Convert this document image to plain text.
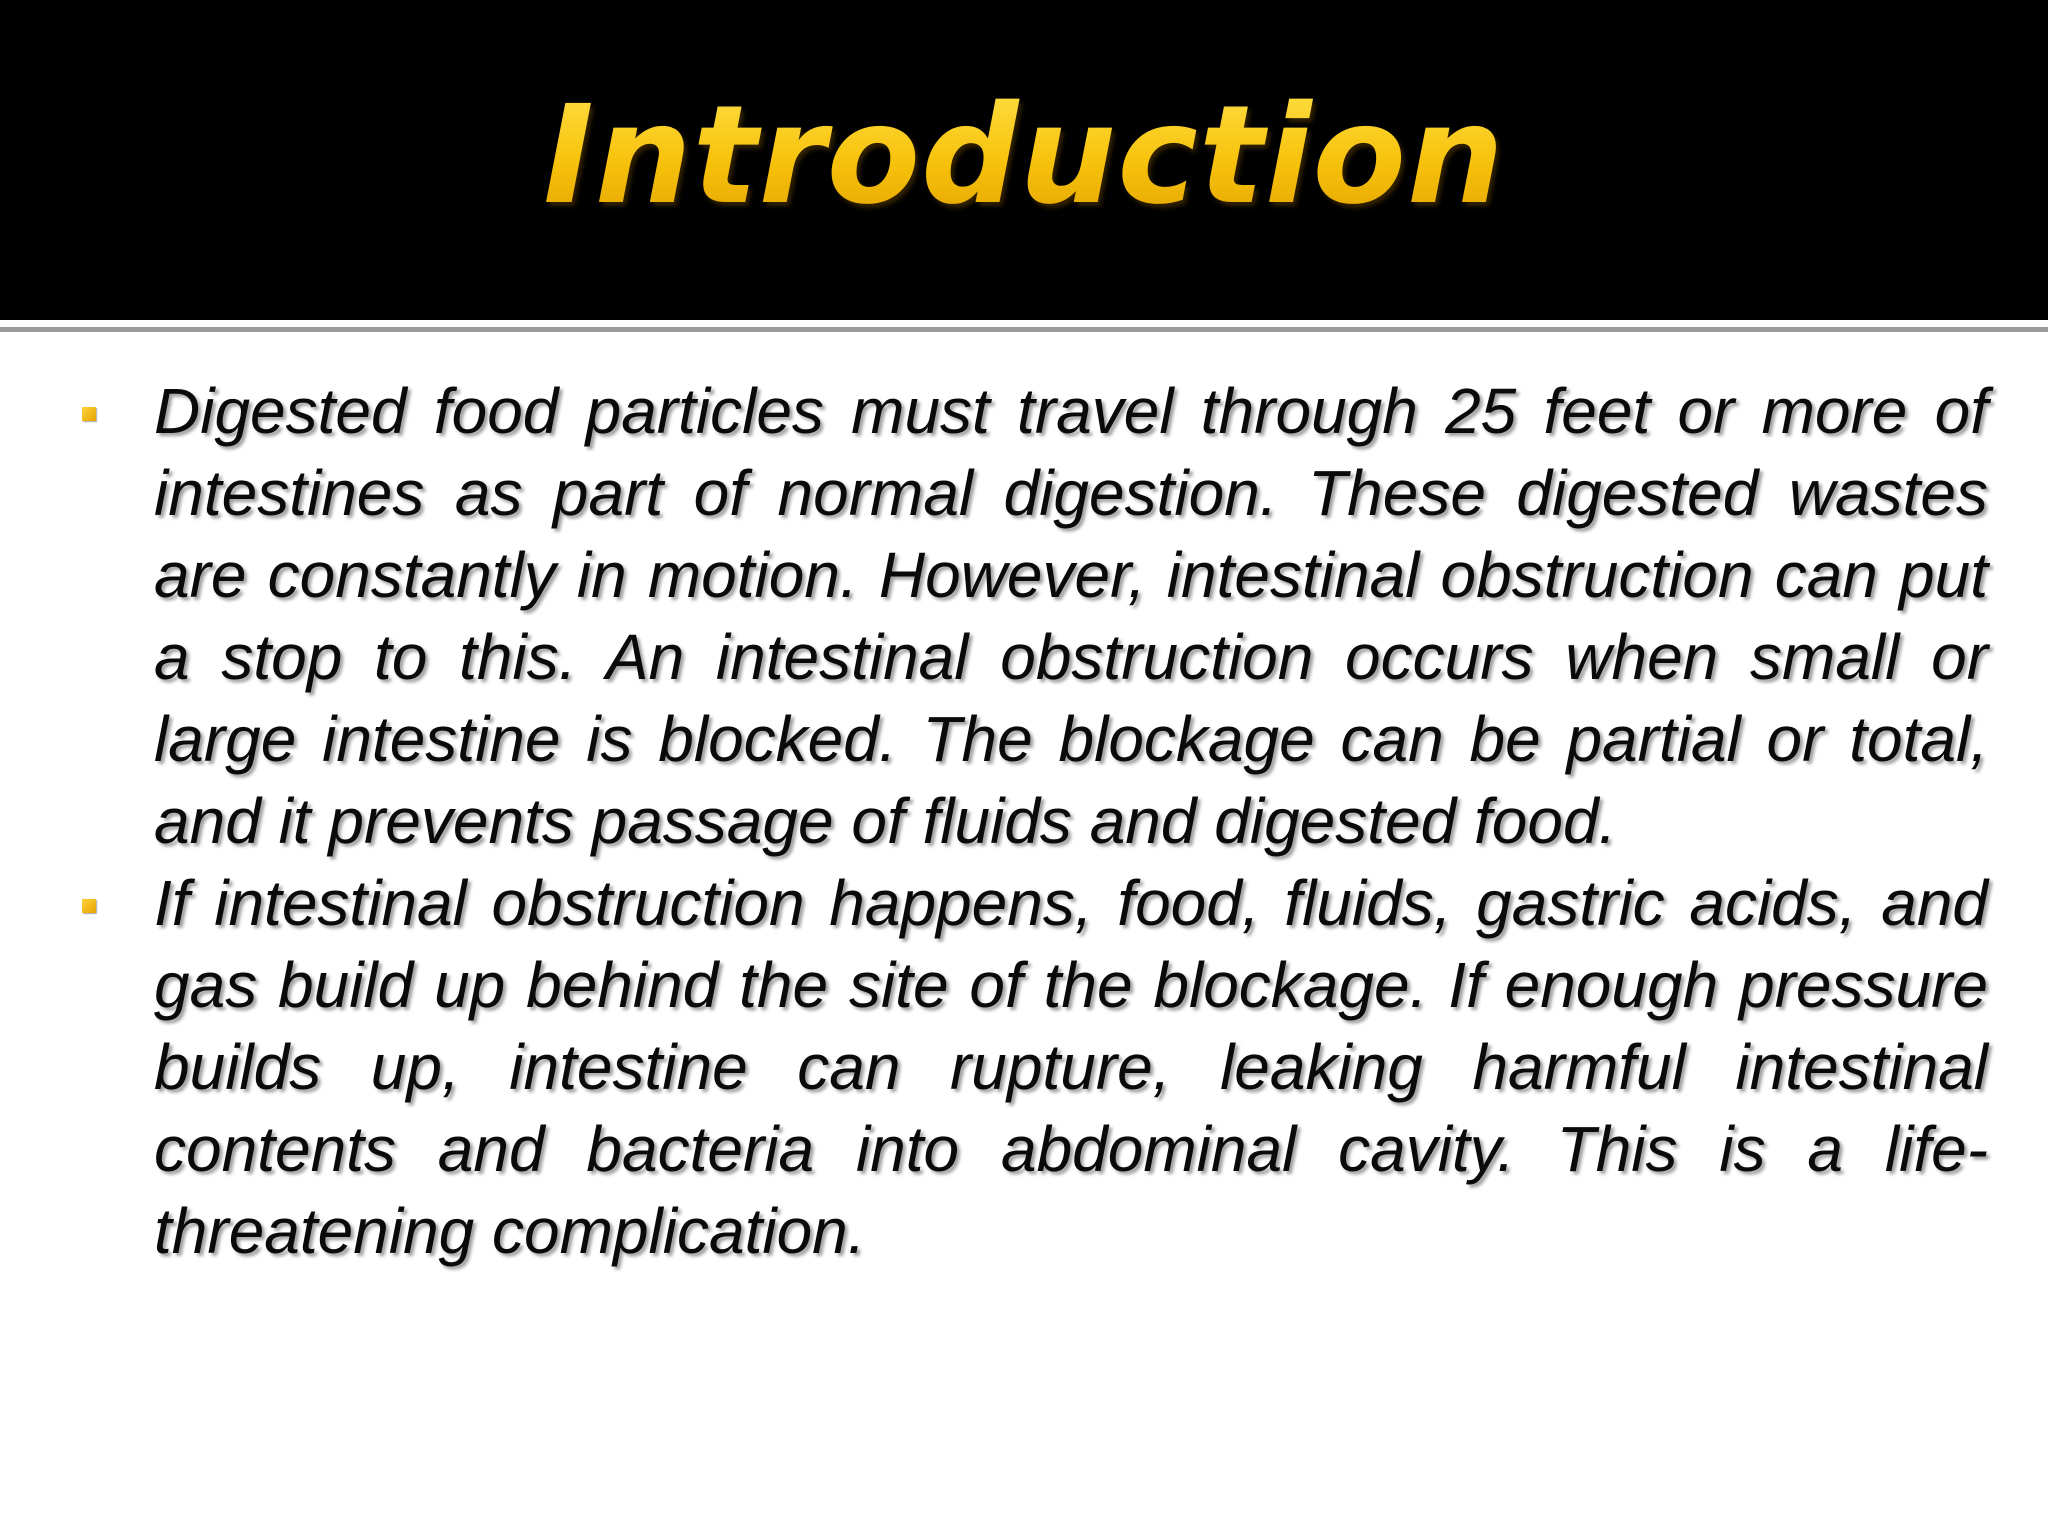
Introduction
Digested food particles must travel through 25 feet or more of intestines as part of normal digestion. These digested wastes are constantly in motion. However, intestinal obstruction can put a stop to this. An intestinal obstruction occurs when small or large intestine is blocked. The blockage can be partial or total, and it prevents passage of fluids and digested food.
If intestinal obstruction happens, food, fluids, gastric acids, and gas build up behind the site of the blockage. If enough pressure builds up, intestine can rupture, leaking harmful intestinal contents and bacteria into abdominal cavity. This is a life-threatening complication.
